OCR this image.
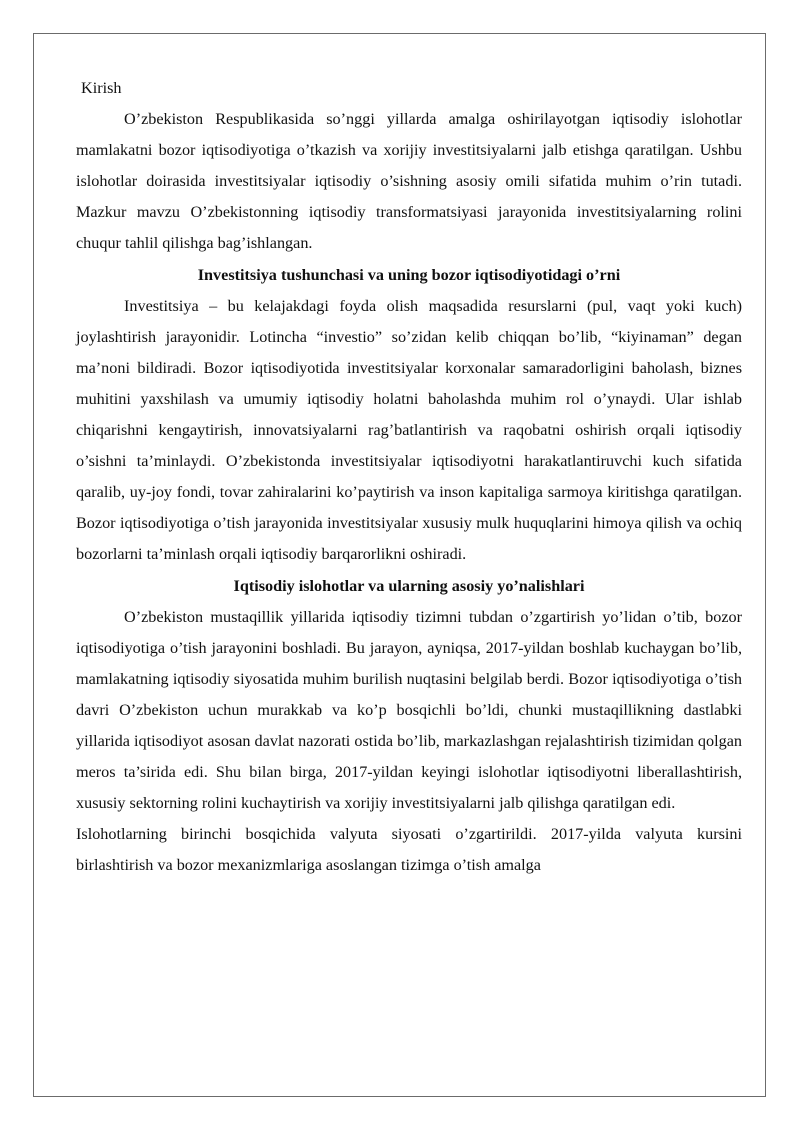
Kirish

O’zbekiston Respublikasida so’nggi yillarda amalga oshirilayotgan iqtisodiy islohotlar mamlakatni bozor iqtisodiyotiga o’tkazish va xorijiy investitsiyalarni jalb etishga qaratilgan. Ushbu islohotlar doirasida investitsiyalar iqtisodiy o’sishning asosiy omili sifatida muhim o’rin tutadi. Mazkur mavzu O’zbekistonning iqtisodiy transformatsiyasi jarayonida investitsiyalarning rolini chuqur tahlil qilishga bag’ishlangan.

Investitsiya tushunchasi va uning bozor iqtisodiyotidagi o’rni

Investitsiya – bu kelajakdagi foyda olish maqsadida resurslarni (pul, vaqt yoki kuch) joylashtirish jarayonidir. Lotincha “investio” so’zidan kelib chiqqan bo’lib, “kiyinaman” degan ma’noni bildiradi. Bozor iqtisodiyotida investitsiyalar korxonalar samaradorligini baholash, biznes muhitini yaxshilash va umumiy iqtisodiy holatni baholashda muhim rol o’ynaydi. Ular ishlab chiqarishni kengaytirish, innovatsiyalarni rag’batlantirish va raqobatni oshirish orqali iqtisodiy o’sishni ta’minlaydi. O’zbekistonda investitsiyalar iqtisodiyotni harakatlantiruvchi kuch sifatida qaralib, uy-joy fondi, tovar zahiralarini ko’paytirish va inson kapitaliga sarmoya kiritishga qaratilgan. Bozor iqtisodiyotiga o’tish jarayonida investitsiyalar xususiy mulk huquqlarini himoya qilish va ochiq bozorlarni ta’minlash orqali iqtisodiy barqarorlikni oshiradi.

Iqtisodiy islohotlar va ularning asosiy yo’nalishlari

O’zbekiston mustaqillik yillarida iqtisodiy tizimni tubdan o’zgartirish yo’lidan o’tib, bozor iqtisodiyotiga o’tish jarayonini boshladi. Bu jarayon, ayniqsa, 2017-yildan boshlab kuchaygan bo’lib, mamlakatning iqtisodiy siyosatida muhim burilish nuqtasini belgilab berdi. Bozor iqtisodiyotiga o’tish davri O’zbekiston uchun murakkab va ko’p bosqichli bo’ldi, chunki mustaqillikning dastlabki yillarida iqtisodiyot asosan davlat nazorati ostida bo’lib, markazlashgan rejalashtirish tizimidan qolgan meros ta’sirida edi. Shu bilan birga, 2017-yildan keyingi islohotlar iqtisodiyotni liberallashtirish, xususiy sektorning rolini kuchaytirish va xorijiy investitsiyalarni jalb qilishga qaratilgan edi.

Islohotlarning birinchi bosqichida valyuta siyosati o’zgartirildi. 2017-yilda valyuta kursini birlashtirish va bozor mexanizmlariga asoslangan tizimga o’tish amalga
